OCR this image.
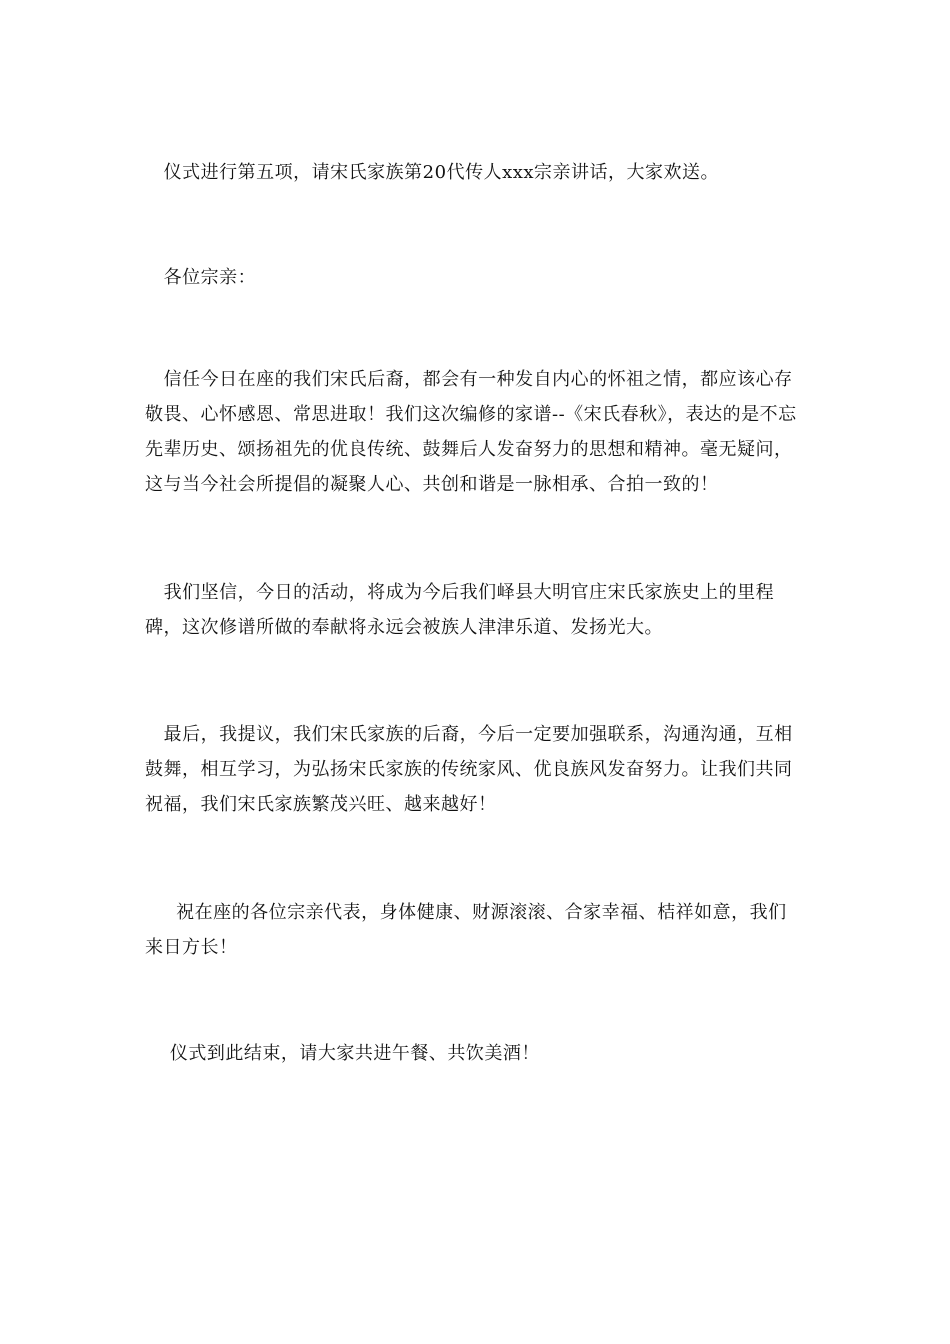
仪式进行第五项，请宋氏家族第20代传人xxx宗亲讲话，大家欢送。

各位宗亲：

信任今日在座的我们宋氏后裔，都会有一种发自内心的怀祖之情，都应该心存敬畏、心怀感恩、常思进取！我们这次编修的家谱--《宋氏春秋》，表达的是不忘先辈历史、颂扬祖先的优良传统、鼓舞后人发奋努力的思想和精神。毫无疑问，这与当今社会所提倡的凝聚人心、共创和谐是一脉相承、合拍一致的！

我们坚信，今日的活动，将成为今后我们峄县大明官庄宋氏家族史上的里程碑，这次修谱所做的奉献将永远会被族人津津乐道、发扬光大。

最后，我提议，我们宋氏家族的后裔，今后一定要加强联系，沟通沟通，互相鼓舞，相互学习，为弘扬宋氏家族的传统家风、优良族风发奋努力。让我们共同祝福，我们宋氏家族繁茂兴旺、越来越好！

祝在座的各位宗亲代表，身体健康、财源滚滚、合家幸福、桔祥如意，我们来日方长！

仪式到此结束，请大家共进午餐、共饮美酒！
